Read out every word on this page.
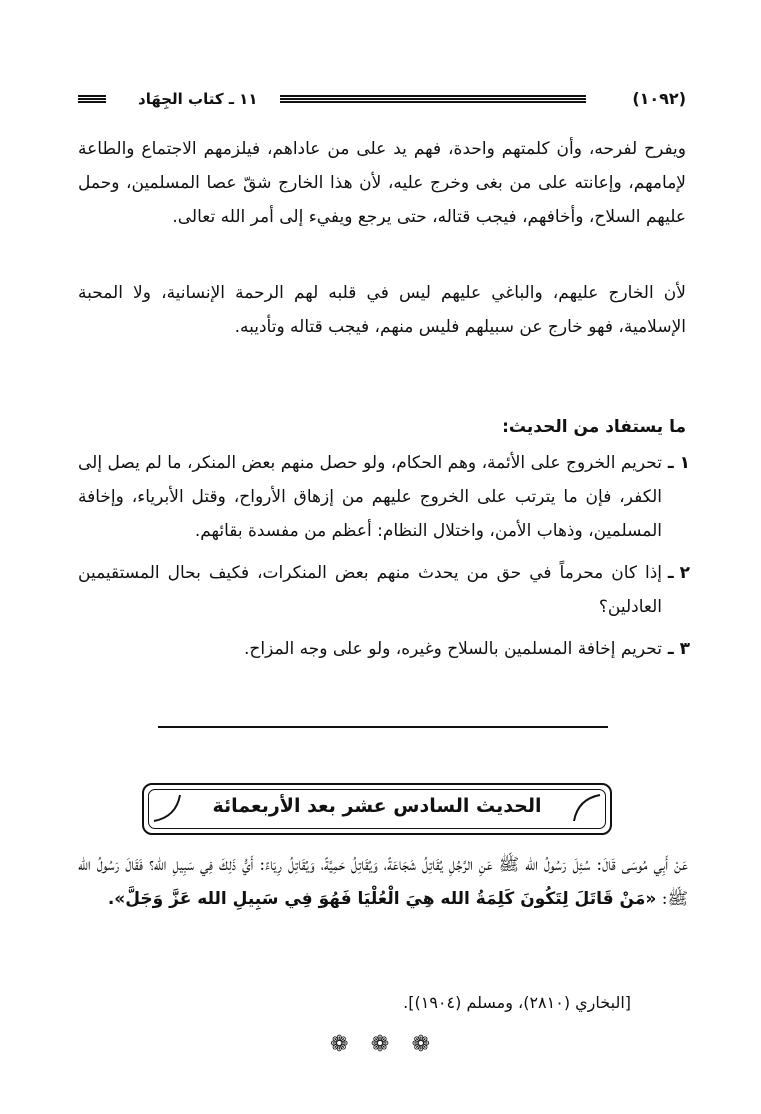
(١٠٩٢)
١١ ـ كتاب الجِهَاد

ويفرح لفرحه، وأن كلمتهم واحدة، فهم يد على من عاداهم، فيلزمهم الاجتماع والطاعة لإمامهم، وإعانته على من بغى وخرج عليه، لأن هذا الخارج شقّ عصا المسلمين، وحمل عليهم السلاح، وأخافهم، فيجب قتاله، حتى يرجع ويفيء إلى أمر الله تعالى.

لأن الخارج عليهم، والباغي عليهم ليس في قلبه لهم الرحمة الإنسانية، ولا المحبة الإسلامية، فهو خارج عن سبيلهم فليس منهم، فيجب قتاله وتأديبه.

ما يستفاد من الحديث:
١ ـ
تحريم الخروج على الأئمة، وهم الحكام، ولو حصل منهم بعض المنكر، ما لم يصل إلى الكفر، فإن ما يترتب على الخروج عليهم من إزهاق الأرواح، وقتل الأبرياء، وإخافة المسلمين، وذهاب الأمن، واختلال النظام: أعظم من مفسدة بقائهم.
٢ ـ
إذا كان محرماً في حق من يحدث منهم بعض المنكرات، فكيف بحال المستقيمين العادلين؟
٣ ـ
تحريم إخافة المسلمين بالسلاح وغيره، ولو على وجه المزاح.
الحديث السادس عشر بعد الأربعمائة
عَنْ أَبِي مُوسَى قَالَ: سُئِلَ رَسُولُ الله ﷺ عَنِ الرَّجُلِ يُقَاتِلُ شَجَاعَةً، وَيُقَاتِلُ حَمِيَّةً، وَيُقَاتِلُ رِيَاءً: أَيُّ ذَلِكَ فِي سَبِيلِ الله؟ فَقَالَ رَسُولُ الله ﷺ: «مَنْ قَاتَلَ لِتَكُونَ كَلِمَةُ الله هِيَ الْعُلْيَا فَهُوَ فِي سَبِيلِ الله عَزَّ وَجَلَّ».
[البخاري (٢٨١٠)، ومسلم (١٩٠٤)].
❁
❁
❁
